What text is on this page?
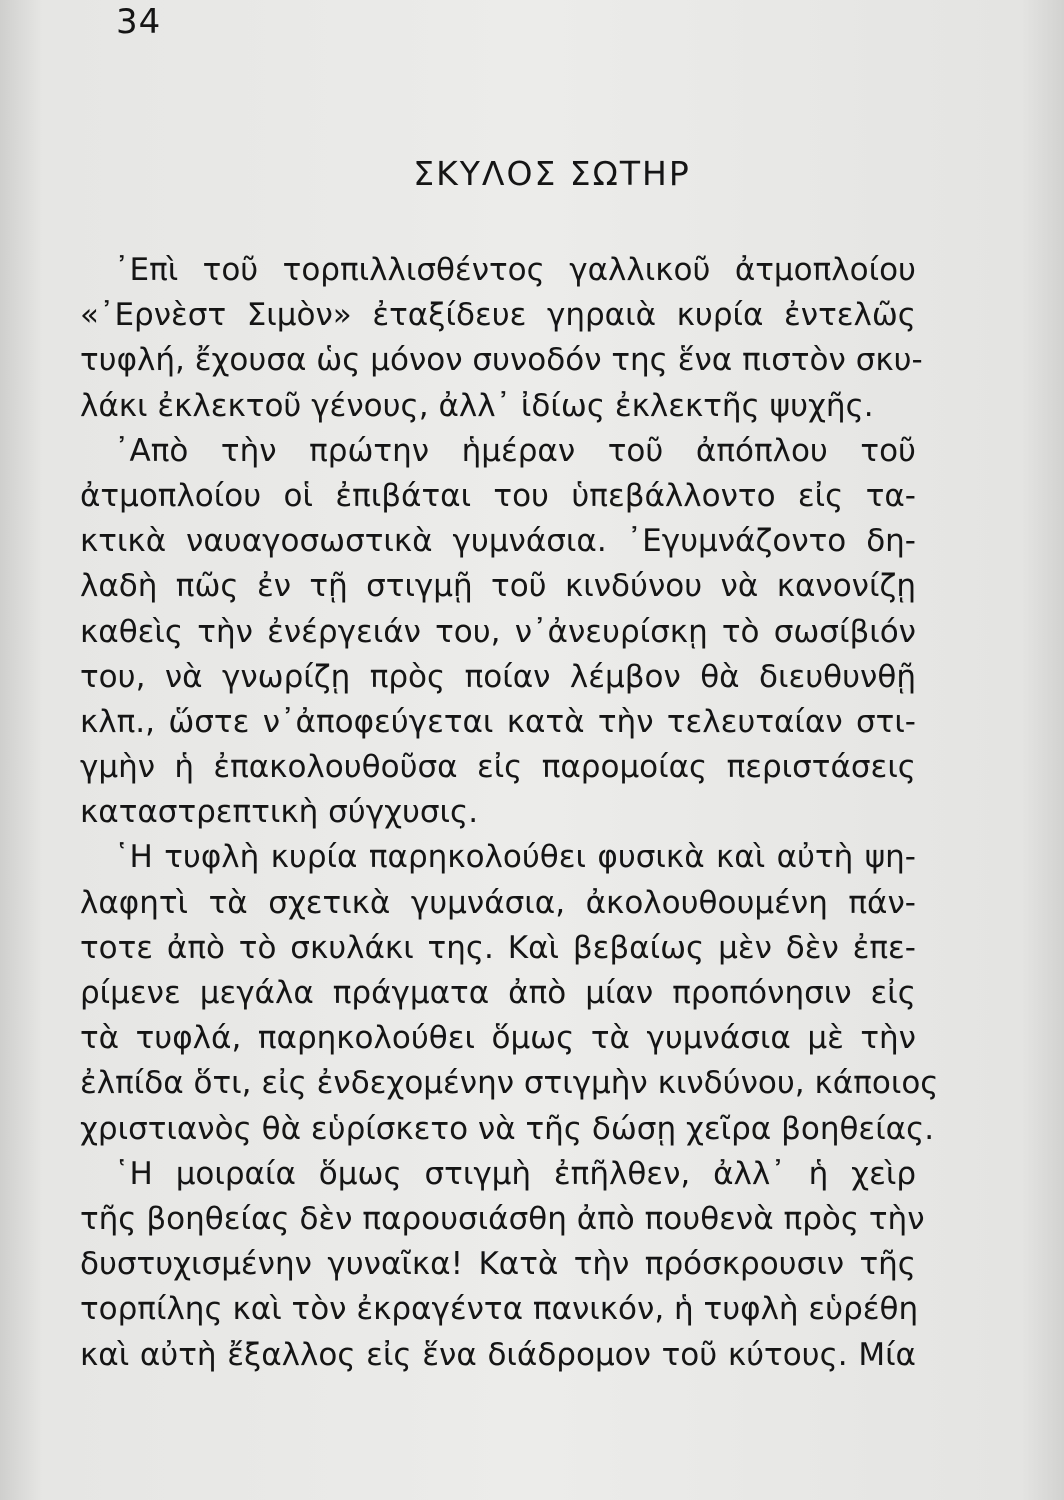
34
ΣΚΥΛΟΣ ΣΩΤΗΡ
᾿Επὶ τοῦ τορπιλλισθέντος γαλλικοῦ ἀτμοπλοίου
«᾿Ερνὲστ Σιμὸν» ἐταξίδευε γηραιὰ κυρία ἐντελῶς
τυφλή, ἔχουσα ὡς μόνον συνοδόν της ἕνα πιστὸν σκυ-
λάκι ἐκλεκτοῦ γένους, ἀλλ᾿ ἰδίως ἐκλεκτῆς ψυχῆς.
᾿Απὸ τὴν πρώτην ἡμέραν τοῦ ἀπόπλου τοῦ
ἀτμοπλοίου οἱ ἐπιβάται του ὑπεβάλλοντο εἰς τα-
κτικὰ ναυαγοσωστικὰ γυμνάσια. ᾿Εγυμνάζοντο δη-
λαδὴ πῶς ἐν τῇ στιγμῇ τοῦ κινδύνου νὰ κανονίζῃ
καθεὶς τὴν ἐνέργειάν του, ν᾿ἀνευρίσκῃ τὸ σωσίβιόν
του, νὰ γνωρίζῃ πρὸς ποίαν λέμβον θὰ διευθυνθῇ
κλπ., ὥστε ν᾿ἀποφεύγεται κατὰ τὴν τελευταίαν στι-
γμὴν ἡ ἐπακολουθοῦσα εἰς παρομοίας περιστάσεις
καταστρεπτικὴ σύγχυσις.
῾Η τυφλὴ κυρία παρηκολούθει φυσικὰ καὶ αὐτὴ ψη-
λαφητὶ τὰ σχετικὰ γυμνάσια, ἀκολουθουμένη πάν-
τοτε ἀπὸ τὸ σκυλάκι της. Καὶ βεβαίως μὲν δὲν ἐπε-
ρίμενε μεγάλα πράγματα ἀπὸ μίαν προπόνησιν εἰς
τὰ τυφλά, παρηκολούθει ὅμως τὰ γυμνάσια μὲ τὴν
ἐλπίδα ὅτι, εἰς ἐνδεχομένην στιγμὴν κινδύνου, κάποιος
χριστιανὸς θὰ εὑρίσκετο νὰ τῆς δώσῃ χεῖρα βοηθείας.
῾Η μοιραία ὅμως στιγμὴ ἐπῆλθεν, ἀλλ᾿ ἡ χεὶρ
τῆς βοηθείας δὲν παρουσιάσθη ἀπὸ πουθενὰ πρὸς τὴν
δυστυχισμένην γυναῖκα! Κατὰ τὴν πρόσκρουσιν τῆς
τορπίλης καὶ τὸν ἐκραγέντα πανικόν, ἡ τυφλὴ εὑρέθη
καὶ αὐτὴ ἔξαλλος εἰς ἕνα διάδρομον τοῦ κύτους. Μία
